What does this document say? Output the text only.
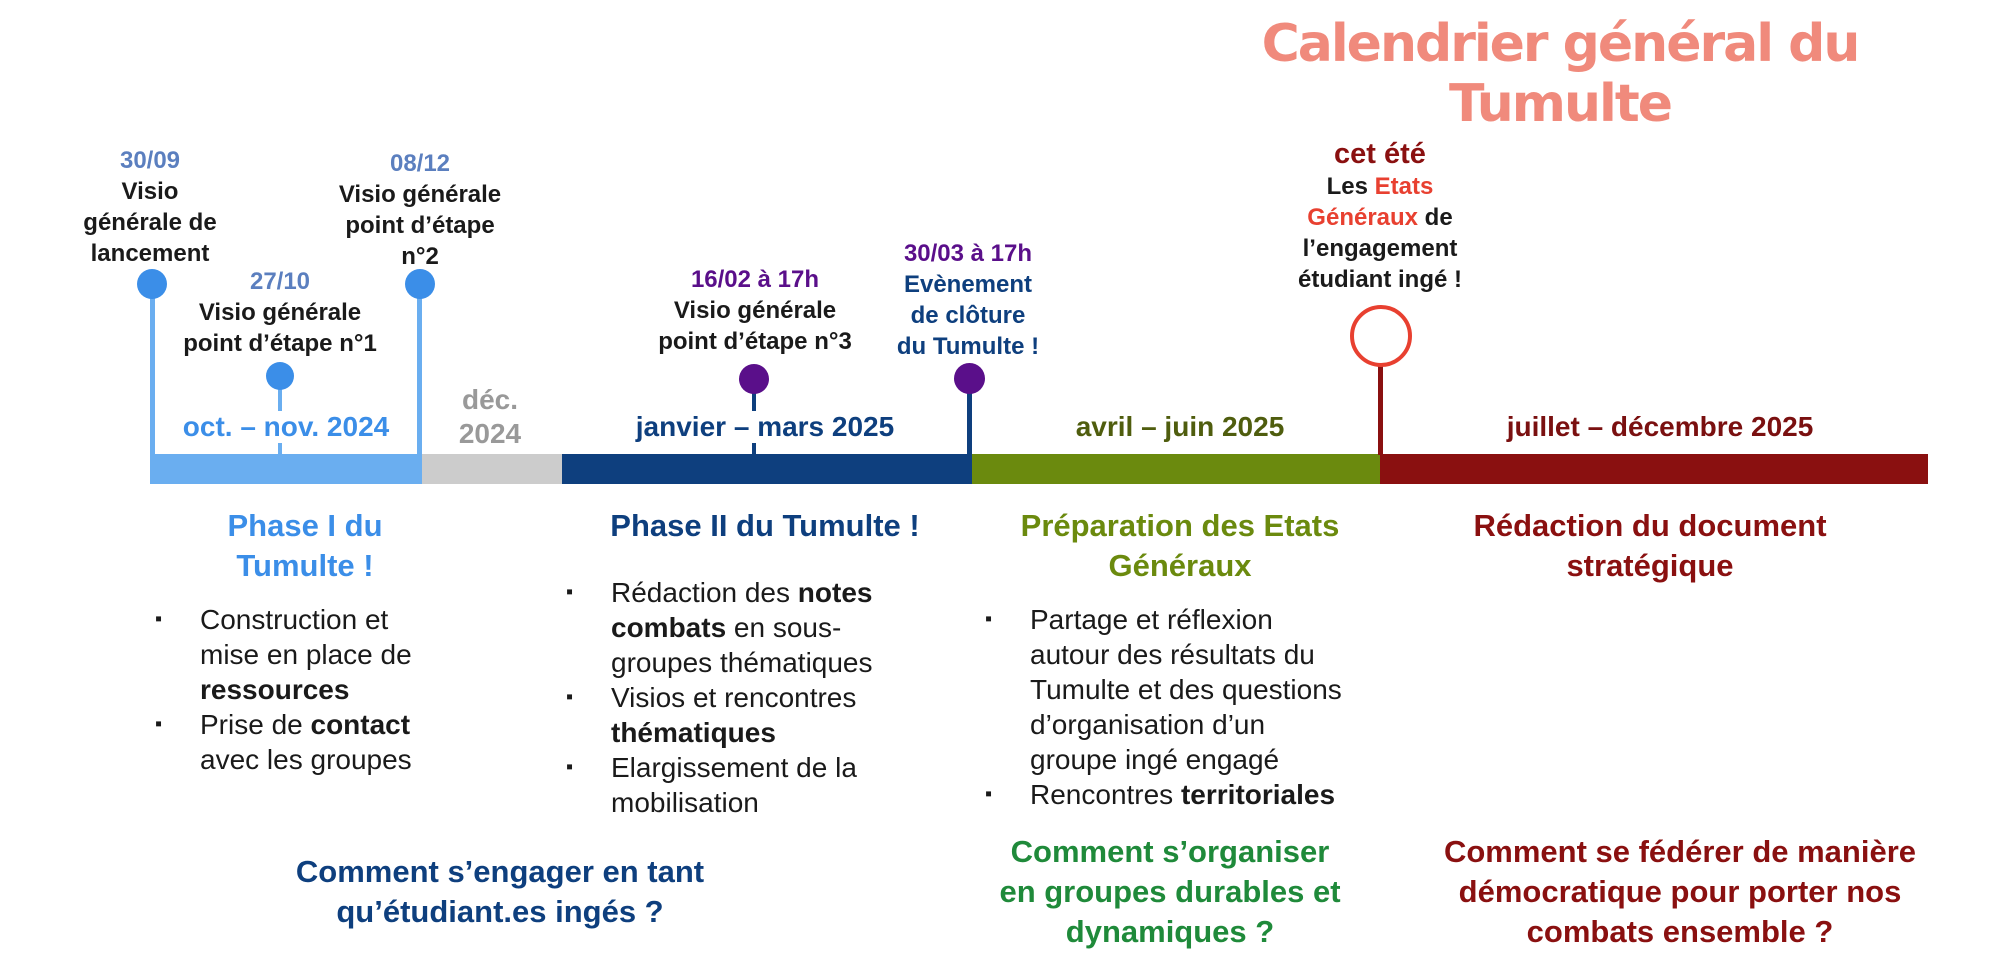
Calendrier général du Tumulte
30/09
Visio
générale de
lancement
27/10
Visio générale
point d’étape n°1
08/12
Visio générale
point d’étape
n°2
16/02 à 17h
Visio générale
point d’étape n°3
30/03 à 17h
Evènement
de clôture
du Tumulte !
cet été
Les Etats
Généraux de
l’engagement
étudiant ingé !
oct. – nov. 2024
déc.
2024	janvier – mars 2025	avril – juin 2025	juillet – décembre 2025
Phase I du
Tumulte !
Phase II du Tumulte !	Préparation des Etats
Généraux
Rédaction du document
stratégique
▪ Construction et
mise en place de
ressources
▪ Prise de contact
avec les groupes
▪ Rédaction des notes
combats en sous-
groupes thématiques
▪ Visios et rencontres
thématiques
▪ Elargissement de la
mobilisation
▪ Partage et réflexion
autour des résultats du
Tumulte et des questions
d’organisation d’un
groupe ingé engagé
▪ Rencontres territoriales
Comment s’engager en tant
qu’étudiant.es ingés ?
Comment s’organiser
en groupes durables et
dynamiques ?
Comment se fédérer de manière
démocratique pour porter nos
combats ensemble ?
